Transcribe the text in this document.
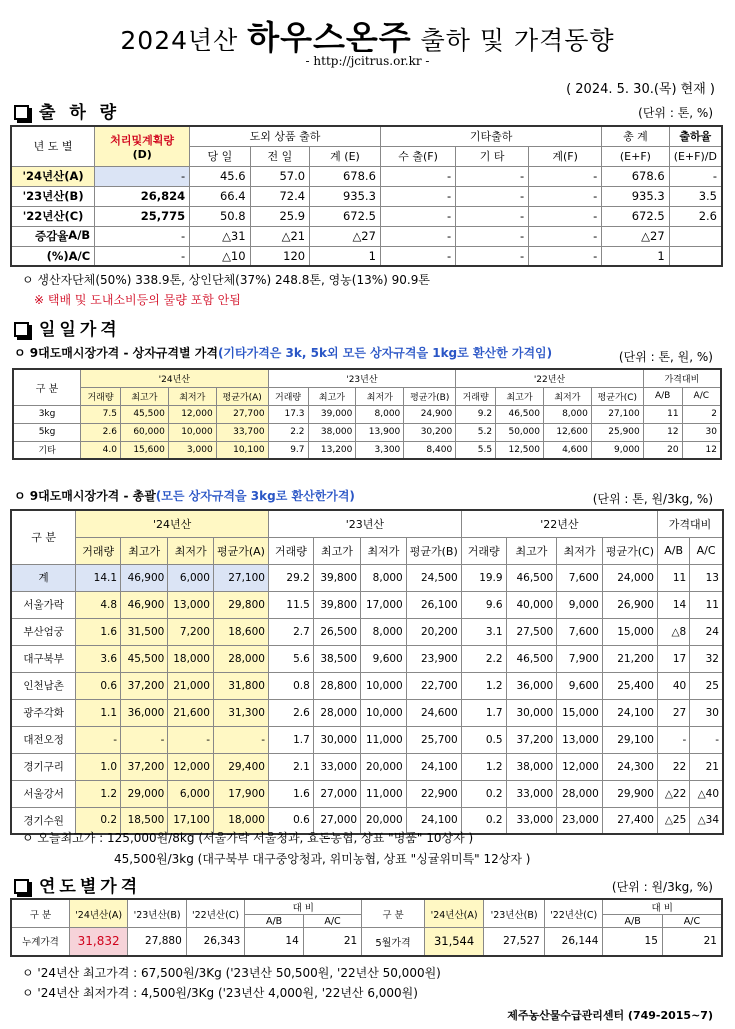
2024년산 하우스온주 출하 및 가격동향
- http://jcitrus.or.kr -
( 2024. 5. 30.(목) 현재 )
출 하 량	(단위 : 톤, %)
년 도 별	처리및계획량
(D)	도외 상품 출하			기타출하			총 계	출하율
		당 일	전 일	계 (E)	수 출(F)	기 타	계(F)	(E+F)	(E+F)/D
'24년산(A)	-	45.6	57.0	678.6	-	-	-	678.6	-
'23년산(B)	26,824	66.4	72.4	935.3	-	-	-	935.3	3.5
'22년산(C)	25,775	50.8	25.9	672.5	-	-	-	672.5	2.6
증감율 A/B	-	△31	△21	△27	-	-	-	△27	
(%) A/C	-	△10	120	1	-	-	-	1	
ㅇ 생산자단체(50%) 338.9톤, 상인단체(37%) 248.8톤, 영농(13%) 90.9톤
※ 택배 및 도내소비등의 물량 포함 안됨
일일가격
ㅇ 9대도매시장가격 - 상자규격별 가격(기타가격은 3k, 5k외 모든 상자규격을 1kg로 환산한 가격임)	(단위 : 톤, 원, %)
구 분	'24년산				'23년산				'22년산				가격대비	
	거래량	최고가	최저가	평균가(A)	거래량	최고가	최저가	평균가(B)	거래량	최고가	최저가	평균가(C)	A/B	A/C
3kg	7.5	45,500	12,000	27,700	17.3	39,000	8,000	24,900	9.2	46,500	8,000	27,100	11	2
5kg	2.6	60,000	10,000	33,700	2.2	38,000	13,900	30,200	5.2	50,000	12,600	25,900	12	30
기타	4.0	15,600	3,000	10,100	9.7	13,200	3,300	8,400	5.5	12,500	4,600	9,000	20	12
ㅇ 9대도매시장가격 - 총괄(모든 상자규격을 3kg로 환산한가격)	(단위 : 톤, 원/3kg, %)
구 분	'24년산				'23년산				'22년산				가격대비	
	거래량	최고가	최저가	평균가(A)	거래량	최고가	최저가	평균가(B)	거래량	최고가	최저가	평균가(C)	A/B	A/C
계	14.1	46,900	6,000	27,100	29.2	39,800	8,000	24,500	19.9	46,500	7,600	24,000	11	13
서울가락	4.8	46,900	13,000	29,800	11.5	39,800	17,000	26,100	9.6	40,000	9,000	26,900	14	11
부산엄궁	1.6	31,500	7,200	18,600	2.7	26,500	8,000	20,200	3.1	27,500	7,600	15,000	△8	24
대구북부	3.6	45,500	18,000	28,000	5.6	38,500	9,600	23,900	2.2	46,500	7,900	21,200	17	32
인천남촌	0.6	37,200	21,000	31,800	0.8	28,800	10,000	22,700	1.2	36,000	9,600	25,400	40	25
광주각화	1.1	36,000	21,600	31,300	2.6	28,000	10,000	24,600	1.7	30,000	15,000	24,100	27	30
대전오정	-	-	-	-	1.7	30,000	11,000	25,700	0.5	37,200	13,000	29,100	-	-
경기구리	1.0	37,200	12,000	29,400	2.1	33,000	20,000	24,100	1.2	38,000	12,000	24,300	22	21
서울강서	1.2	29,000	6,000	17,900	1.6	27,000	11,000	22,900	0.2	33,000	28,000	29,900	△22	△40
경기수원	0.2	18,500	17,100	18,000	0.6	27,000	20,000	24,100	0.2	33,000	23,000	27,400	△25	△34
ㅇ 오늘최고가 : 125,000원/8kg (서울가락 서울청과, 효돈농협, 상표 "명품" 10상자 )
45,500원/3kg (대구북부 대구중앙청과, 위미농협, 상표 "싱귤위미특" 12상자 )
연도별가격	(단위 : 원/3kg, %)
구 분	'24년산(A)	'23년산(B)	'22년산(C)	대 비		구 분	'24년산(A)	'23년산(B)	'22년산(C)	대 비	
				A/B	A/C					A/B	A/C
누계가격	31,832	27,880	26,343	14	21	5월가격	31,544	27,527	26,144	15	21
ㅇ '24년산 최고가격 : 67,500원/3Kg ('23년산 50,500원, '22년산 50,000원)
ㅇ '24년산 최저가격 : 4,500원/3Kg ('23년산 4,000원, '22년산 6,000원)
제주농산물수급관리센터 (749-2015~7)
